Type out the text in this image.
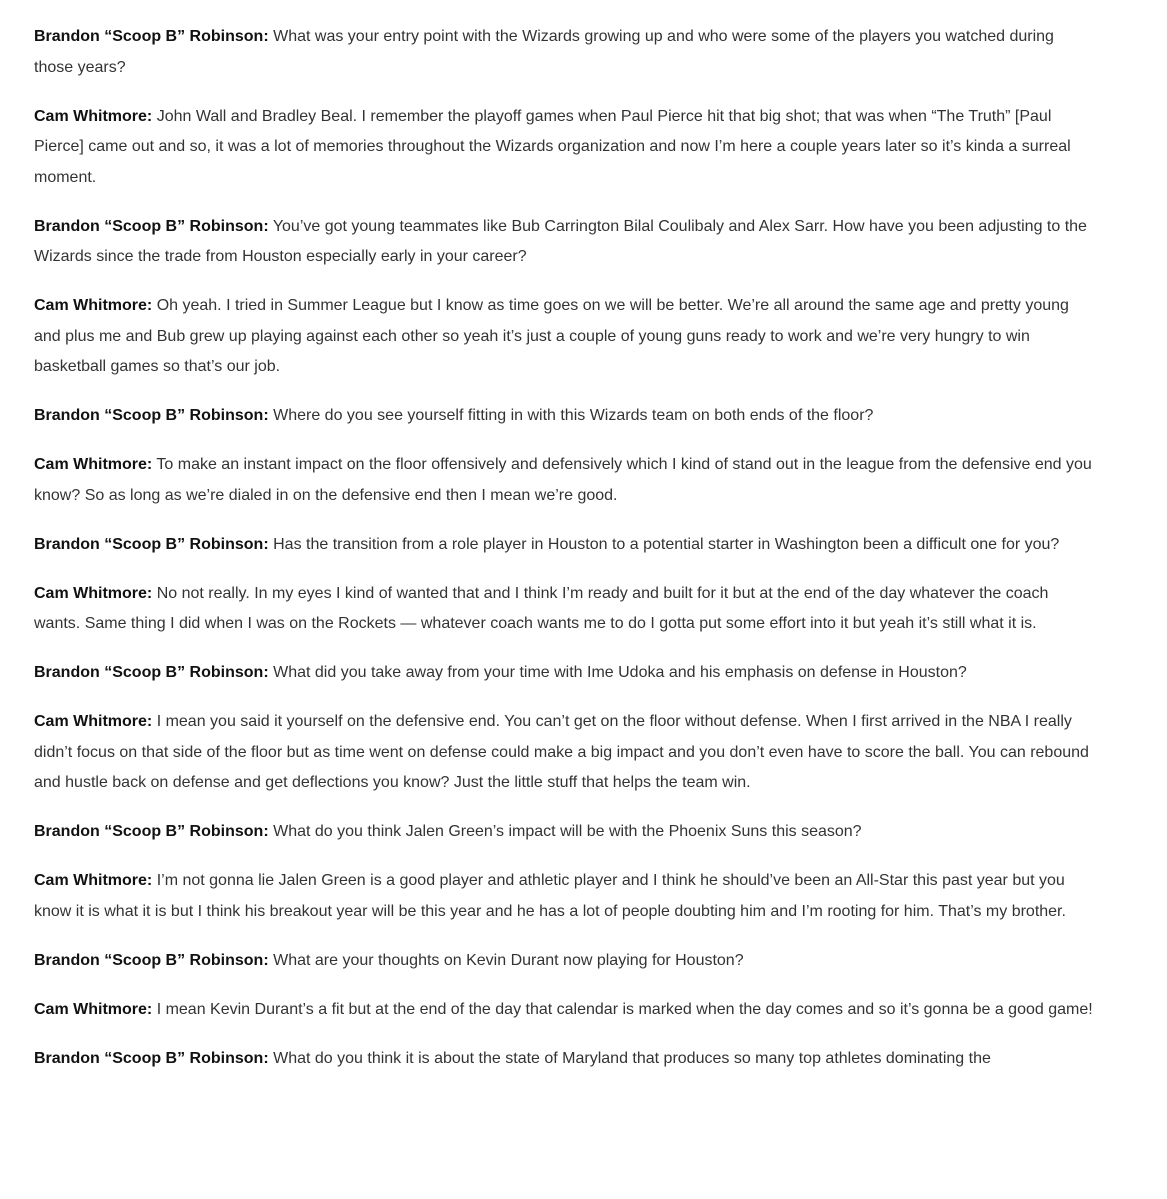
Brandon “Scoop B” Robinson: What was your entry point with the Wizards growing up and who were some of the players you watched during those years?

Cam Whitmore: John Wall and Bradley Beal. I remember the playoff games when Paul Pierce hit that big shot; that was when “The Truth” [Paul Pierce] came out and so, it was a lot of memories throughout the Wizards organization and now I’m here a couple years later so it’s kinda a surreal moment.

Brandon “Scoop B” Robinson: You’ve got young teammates like Bub Carrington Bilal Coulibaly and Alex Sarr. How have you been adjusting to the Wizards since the trade from Houston especially early in your career?

Cam Whitmore: Oh yeah. I tried in Summer League but I know as time goes on we will be better. We’re all around the same age and pretty young and plus me and Bub grew up playing against each other so yeah it’s just a couple of young guns ready to work and we’re very hungry to win basketball games so that’s our job.

Brandon “Scoop B” Robinson: Where do you see yourself fitting in with this Wizards team on both ends of the floor?

Cam Whitmore: To make an instant impact on the floor offensively and defensively which I kind of stand out in the league from the defensive end you know? So as long as we’re dialed in on the defensive end then I mean we’re good.

Brandon “Scoop B” Robinson: Has the transition from a role player in Houston to a potential starter in Washington been a difficult one for you?

Cam Whitmore: No not really. In my eyes I kind of wanted that and I think I’m ready and built for it but at the end of the day whatever the coach wants. Same thing I did when I was on the Rockets — whatever coach wants me to do I gotta put some effort into it but yeah it’s still what it is.

Brandon “Scoop B” Robinson: What did you take away from your time with Ime Udoka and his emphasis on defense in Houston?

Cam Whitmore: I mean you said it yourself on the defensive end. You can’t get on the floor without defense. When I first arrived in the NBA I really didn’t focus on that side of the floor but as time went on defense could make a big impact and you don’t even have to score the ball. You can rebound and hustle back on defense and get deflections you know? Just the little stuff that helps the team win.

Brandon “Scoop B” Robinson: What do you think Jalen Green’s impact will be with the Phoenix Suns this season?

Cam Whitmore: I’m not gonna lie Jalen Green is a good player and athletic player and I think he should’ve been an All-Star this past year but you know it is what it is but I think his breakout year will be this year and he has a lot of people doubting him and I’m rooting for him. That’s my brother.

Brandon “Scoop B” Robinson: What are your thoughts on Kevin Durant now playing for Houston?

Cam Whitmore: I mean Kevin Durant’s a fit but at the end of the day that calendar is marked when the day comes and so it’s gonna be a good game!

Brandon “Scoop B” Robinson: What do you think it is about the state of Maryland that produces so many top athletes dominating the
